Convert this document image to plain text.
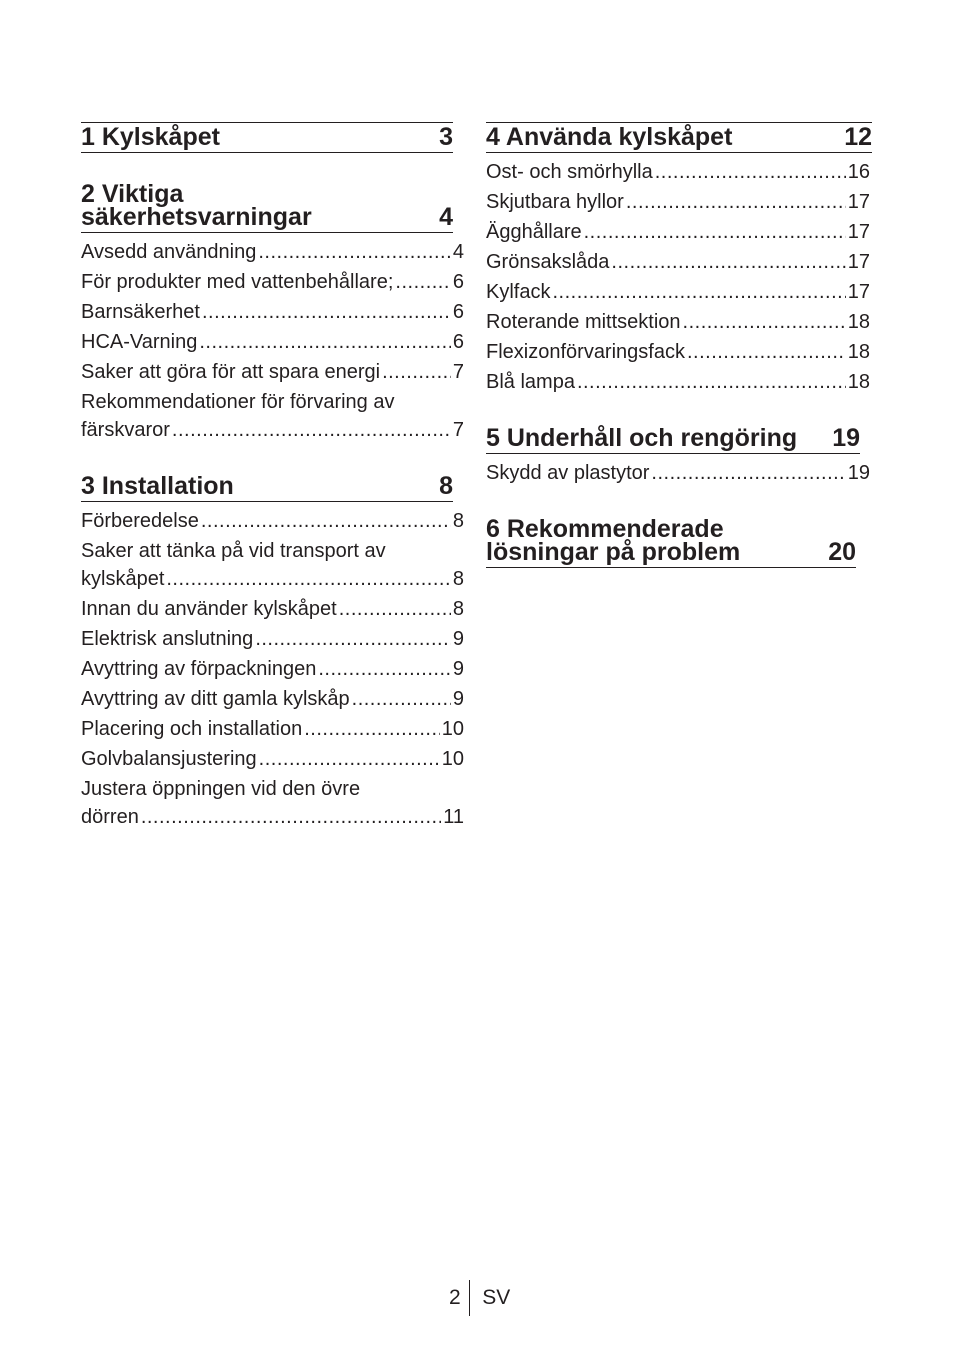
1 Kylskåpet	3
2 Viktiga
säkerhetsvarningar	4
Avsedd användning .....	4
För produkter med vattenbehållare; .....	6
Barnsäkerhet .....	6
HCA-Varning .....	6
Saker att göra för att spara energi .....	7
Rekommendationer för förvaring av
färskvaror .....	7
3 Installation	8
Förberedelse .....	8
Saker att tänka på vid transport av
kylskåpet .....	8
Innan du använder kylskåpet .....	8
Elektrisk anslutning .....	9
Avyttring av förpackningen .....	9
Avyttring av ditt gamla kylskåp .....	9
Placering och installation .....	10
Golvbalansjustering .....	10
Justera öppningen vid den övre
dörren .....	11
4 Använda kylskåpet	12
Ost- och smörhylla .....	16
Skjutbara hyllor .....	17
Ägghållare .....	17
Grönsakslåda .....	17
Kylfack .....	17
Roterande mittsektion .....	18
Flexizonförvaringsfack .....	18
Blå lampa .....	18
5 Underhåll och rengöring 19
Skydd av plastytor .....	19
6 Rekommenderade
lösningar på problem	20
2 SV
